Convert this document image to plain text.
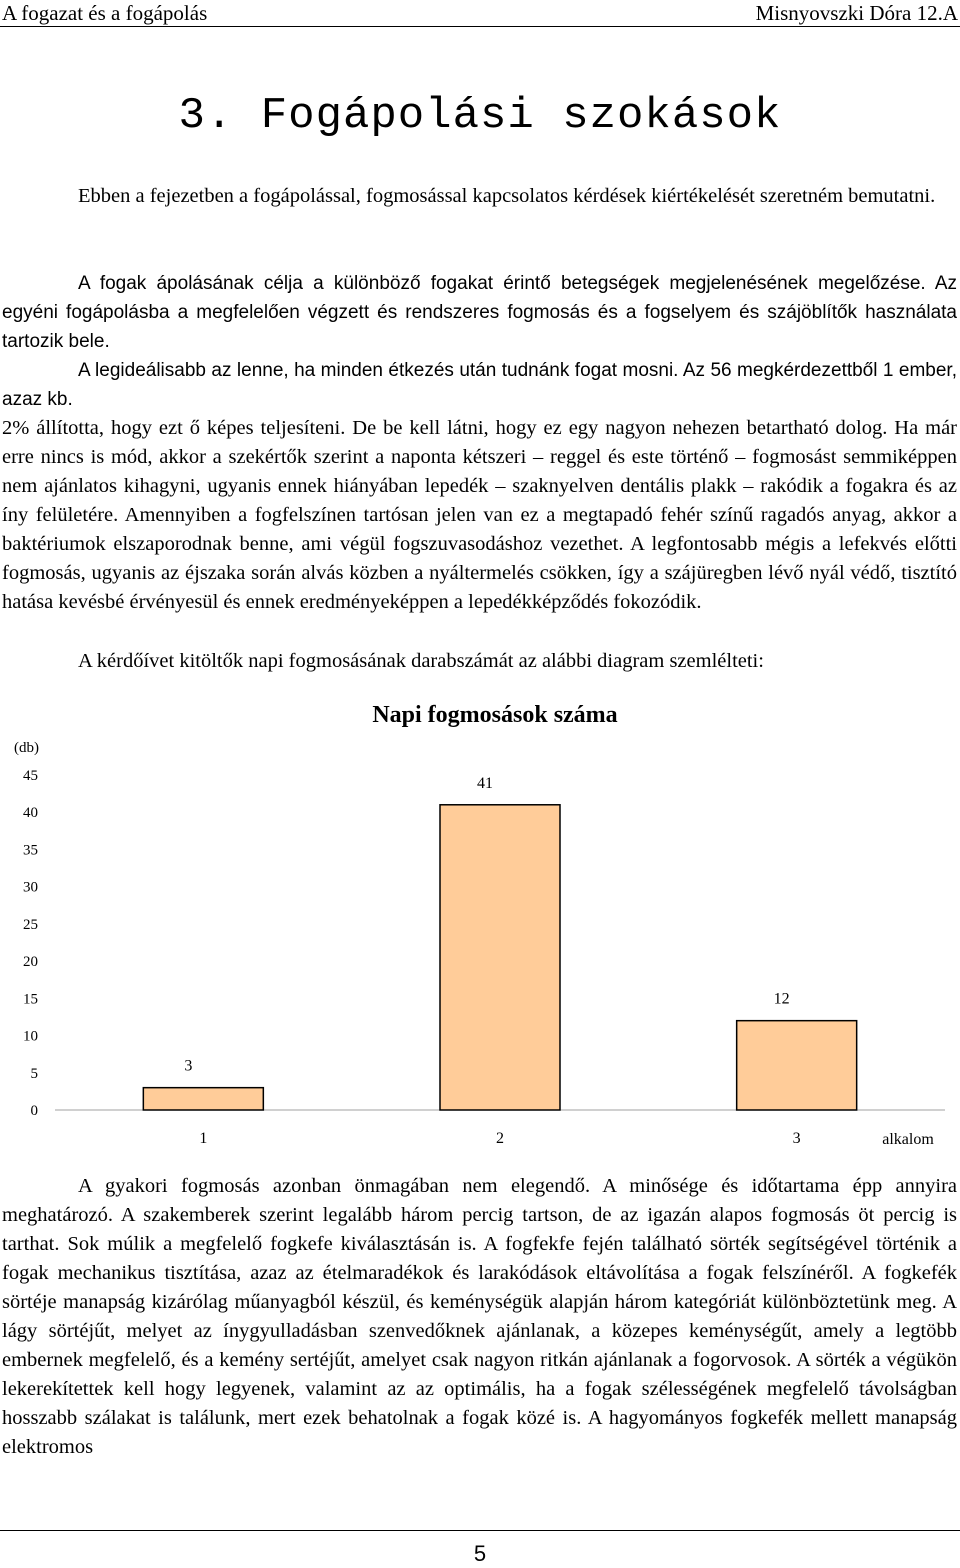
A fogazat és a fogápolás	Misnyovszki Dóra 12.A
3. Fogápolási szokások

Ebben a fejezetben a fogápolással, fogmosással kapcsolatos kérdések kiértékelését szeretném bemutatni.

A fogak ápolásának célja a különböző fogakat érintő betegségek megjelenésének megelőzése. Az egyéni fogápolásba a megfelelően végzett és rendszeres fogmosás és a fogselyem és szájöblítők használata tartozik bele.

A legideálisabb az lenne, ha minden étkezés után tudnánk fogat mosni. Az 56 megkérdezettből 1 ember, azaz kb.

2% állította, hogy ezt ő képes teljesíteni. De be kell látni, hogy ez egy nagyon nehezen betartható dolog. Ha már erre nincs is mód, akkor a szekértők szerint a naponta kétszeri – reggel és este történő – fogmosást semmiképpen nem ajánlatos kihagyni, ugyanis ennek hiányában lepedék – szaknyelven dentális plakk – rakódik a fogakra és az íny felületére. Amennyiben a fogfelszínen tartósan jelen van ez a megtapadó fehér színű ragadós anyag, akkor a baktériumok elszaporodnak benne, ami végül fogszuvasodáshoz vezethet. A legfontosabb mégis a lefekvés előtti fogmosás, ugyanis az éjszaka során alvás közben a nyáltermelés csökken, így a szájüregben lévő nyál védő, tisztító hatása kevésbé érvényesül és ennek eredményeképpen a lepedékképződés fokozódik.

A kérdőívet kitöltők napi fogmosásának darabszámát az alábbi diagram szemlélteti:

Napi fogmosások száma
(db)
0
5
10
15
20
25
30
35
40
45
3
1
41
2
12
3	alkalom

A gyakori fogmosás azonban önmagában nem elegendő. A minősége és időtartama épp annyira meghatározó. A szakemberek szerint legalább három percig tartson, de az igazán alapos fogmosás öt percig is tarthat. Sok múlik a megfelelő fogkefe kiválasztásán is. A fogfekfe fején található sörték segítségével történik a fogak mechanikus tisztítása, azaz az ételmaradékok és larakódások eltávolítása a fogak felszínéről. A fogkefék sörtéje manapság kizárólag műanyagból készül, és keménységük alapján három kategóriát különböztetünk meg. A lágy sörtéjűt, melyet az ínygyulladásban szenvedőknek ajánlanak, a közepes keménységűt, amely a legtöbb embernek megfelelő, és a kemény sertéjűt, amelyet csak nagyon ritkán ajánlanak a fogorvosok. A sörték a végükön lekerekítettek kell hogy legyenek, valamint az az optimális, ha a fogak szélességének megfelelő távolságban hosszabb szálakat is találunk, mert ezek behatolnak a fogak közé is. A hagyományos fogkefék mellett manapság elektromos

5
